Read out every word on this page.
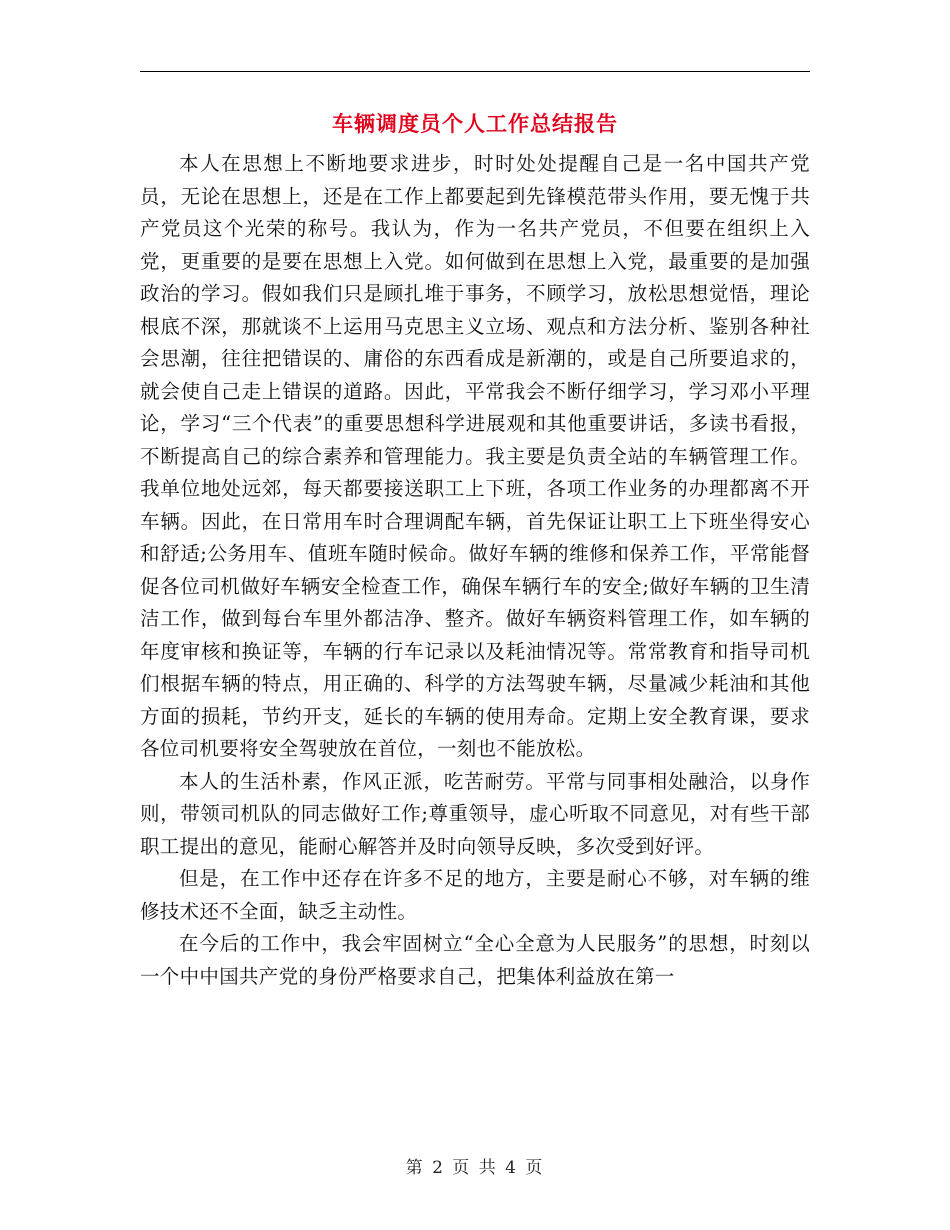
车辆调度员个人工作总结报告

本人在思想上不断地要求进步，时时处处提醒自己是一名中国共产党员，无论在思想上，还是在工作上都要起到先锋模范带头作用，要无愧于共产党员这个光荣的称号。我认为，作为一名共产党员，不但要在组织上入党，更重要的是要在思想上入党。如何做到在思想上入党，最重要的是加强政治的学习。假如我们只是顾扎堆于事务，不顾学习，放松思想觉悟，理论根底不深，那就谈不上运用马克思主义立场、观点和方法分析、鉴别各种社会思潮，往往把错误的、庸俗的东西看成是新潮的，或是自己所要追求的，就会使自己走上错误的道路。因此，平常我会不断仔细学习，学习邓小平理论，学习“三个代表”的重要思想科学进展观和其他重要讲话，多读书看报，不断提高自己的综合素养和管理能力。我主要是负责全站的车辆管理工作。我单位地处远郊，每天都要接送职工上下班，各项工作业务的办理都离不开车辆。因此，在日常用车时合理调配车辆，首先保证让职工上下班坐得安心和舒适;公务用车、值班车随时候命。做好车辆的维修和保养工作，平常能督促各位司机做好车辆安全检查工作，确保车辆行车的安全;做好车辆的卫生清洁工作，做到每台车里外都洁净、整齐。做好车辆资料管理工作，如车辆的年度审核和换证等，车辆的行车记录以及耗油情况等。常常教育和指导司机们根据车辆的特点，用正确的、科学的方法驾驶车辆，尽量减少耗油和其他方面的损耗，节约开支，延长的车辆的使用寿命。定期上安全教育课，要求各位司机要将安全驾驶放在首位，一刻也不能放松。

本人的生活朴素，作风正派，吃苦耐劳。平常与同事相处融洽，以身作则，带领司机队的同志做好工作;尊重领导，虚心听取不同意见，对有些干部职工提出的意见，能耐心解答并及时向领导反映，多次受到好评。

但是，在工作中还存在许多不足的地方，主要是耐心不够，对车辆的维修技术还不全面，缺乏主动性。

在今后的工作中，我会牢固树立“全心全意为人民服务”的思想，时刻以一个中中国共产党的身份严格要求自己，把集体利益放在第一

第 2 页 共 4 页
